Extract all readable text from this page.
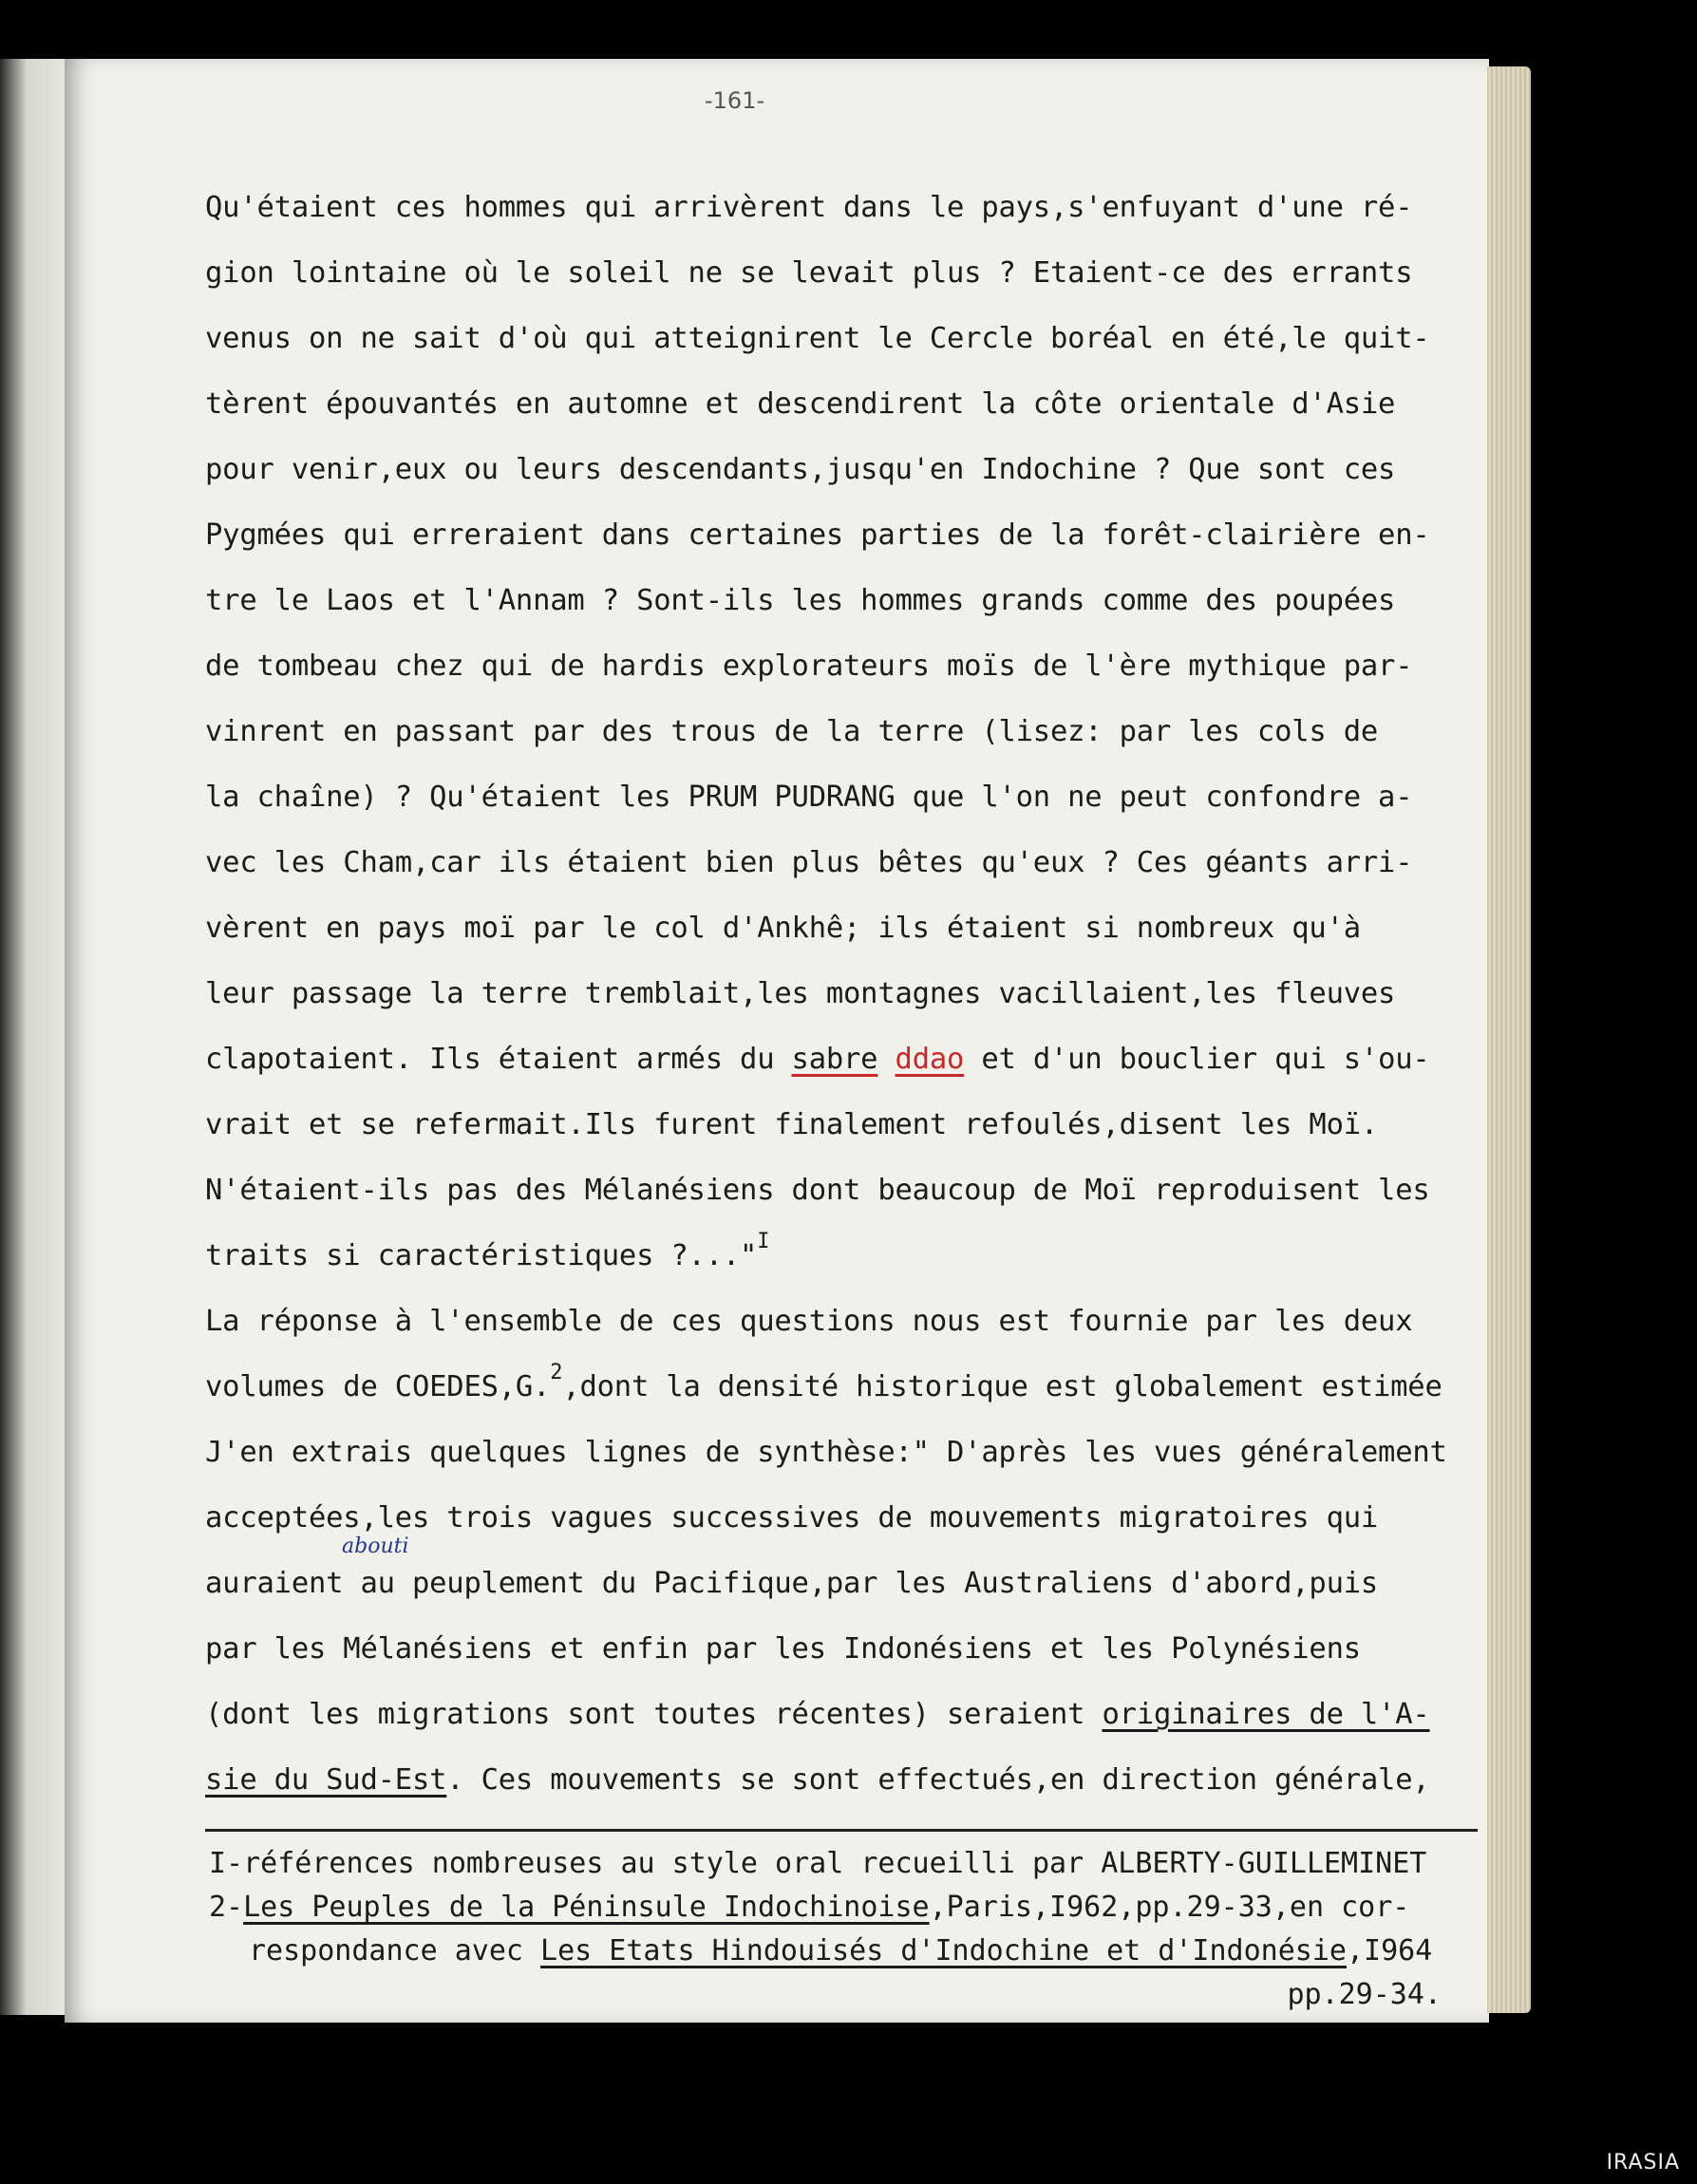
-161-
Qu'étaient ces hommes qui arrivèrent dans le pays,s'enfuyant d'une ré-
gion lointaine où le soleil ne se levait plus ? Etaient-ce des errants
venus on ne sait d'où qui atteignirent le Cercle boréal en été,le quit-
tèrent épouvantés en automne et descendirent la côte orientale d'Asie
pour venir,eux ou leurs descendants,jusqu'en Indochine ? Que sont ces
Pygmées qui erreraient dans certaines parties de la forêt-clairière en-
tre le Laos et l'Annam ? Sont-ils les hommes grands comme des poupées
de tombeau chez qui de hardis explorateurs moïs de l'ère mythique par-
vinrent en passant par des trous de la terre (lisez: par les cols de
la chaîne) ? Qu'étaient les PRUM PUDRANG que l'on ne peut confondre a-
vec les Cham,car ils étaient bien plus bêtes qu'eux ? Ces géants arri-
vèrent en pays moï par le col d'Ankhê; ils étaient si nombreux qu'à
leur passage la terre tremblait,les montagnes vacillaient,les fleuves
clapotaient. Ils étaient armés du sabre ddao et d'un bouclier qui s'ou-
vrait et se refermait.Ils furent finalement refoulés,disent les Moï.
N'étaient-ils pas des Mélanésiens dont beaucoup de Moï reproduisent les
traits si caractéristiques ?..."$^I$
La réponse à l'ensemble de ces questions nous est fournie par les deux
volumes de COEDES,G.$^2$,dont la densité historique est globalement estimée
J'en extrais quelques lignes de synthèse:" D'après les vues généralement
acceptées,les trois vagues successives de mouvements migratoires qui
auraient au peuplement du Pacifique,par les Australiens d'abord,puis
par les Mélanésiens et enfin par les Indonésiens et les Polynésiens
(dont les migrations sont toutes récentes) seraient originaires de l'A-
sie du Sud-Est. Ces mouvements se sont effectués,en direction générale,
abouti
I-références nombreuses au style oral recueilli par ALBERTY-GUILLEMINET
2-Les Peuples de la Péninsule Indochinoise,Paris,I962,pp.29-33,en cor-
respondance avec Les Etats Hindouisés d'Indochine et d'Indonésie,I964
pp.29-34.
IRASIA
